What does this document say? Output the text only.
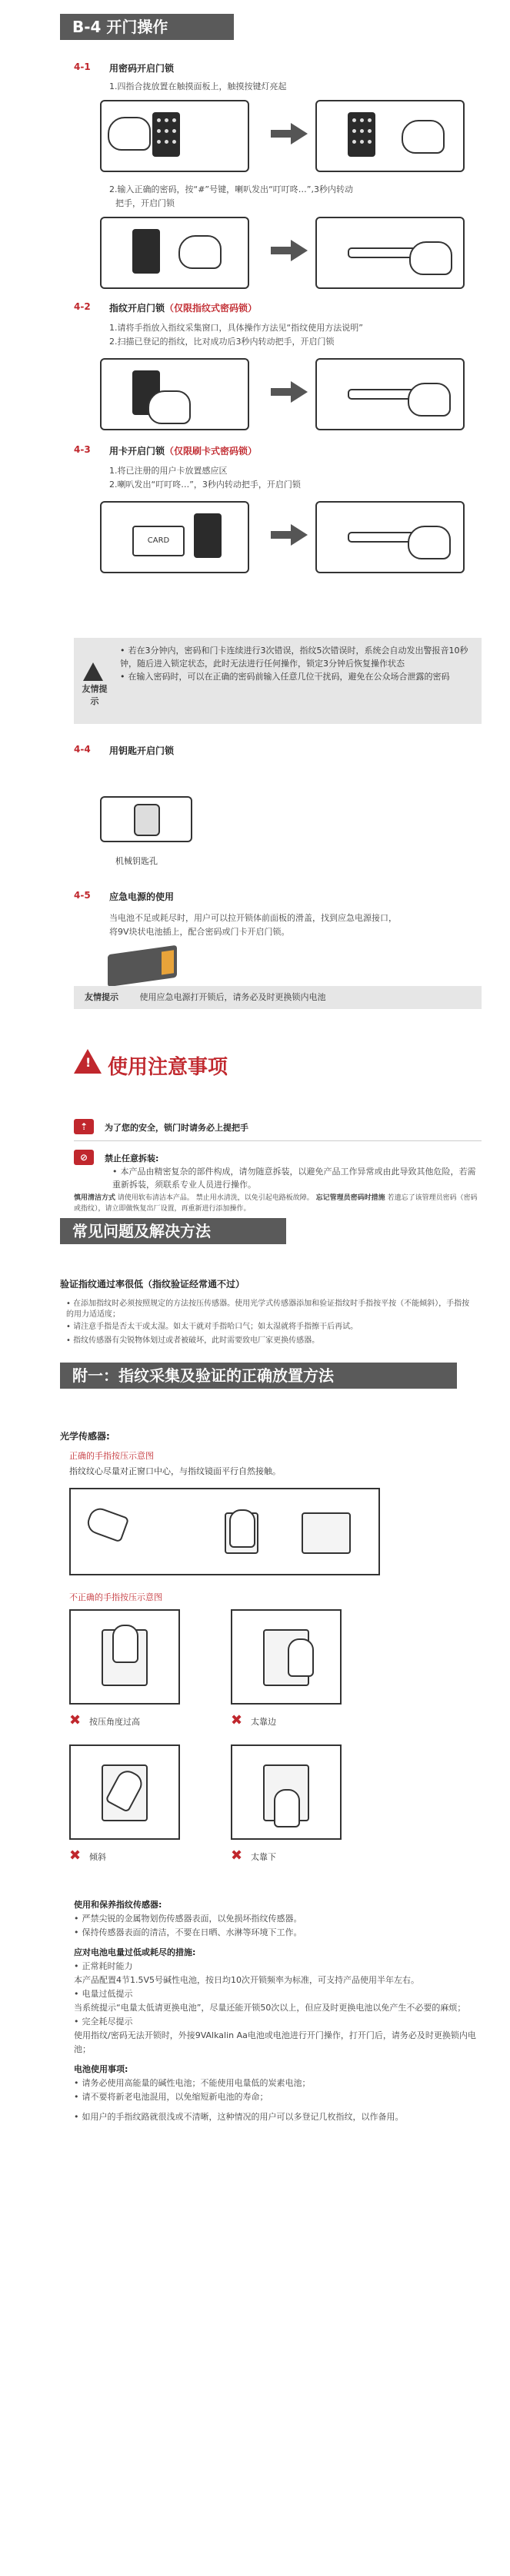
B-4 开门操作
4-1 用密码开启门锁
1.四指合拢放置在触摸面板上，触摸按键灯亮起
2.输入正确的密码，按“#”号键，喇叭发出“叮叮咚…”,3秒内转动
把手，开启门锁
4-2 指纹开启门锁（仅限指纹式密码锁）
1.请将手指放入指纹采集窗口，具体操作方法见“指纹使用方法说明”
2.扫描已登记的指纹，比对成功后3秒内转动把手，开启门锁
4-3 用卡开启门锁（仅限刷卡式密码锁）
1.将已注册的用户卡放置感应区
2.喇叭发出“叮叮咚…”，3秒内转动把手，开启门锁
CARD
友情提示
• 若在3分钟内，密码和门卡连续进行3次错误，指纹5次错误时，系统会自动发出警报音10秒钟，随后进入锁定状态，此时无法进行任何操作，锁定3分钟后恢复操作状态
• 在输入密码时，可以在正确的密码前输入任意几位干扰码，避免在公众场合泄露的密码
4-4 用钥匙开启门锁
机械钥匙孔
4-5 应急电源的使用
当电池不足或耗尽时，用户可以拉开锁体前面板的滑盖，找到应急电源接口，
将9V块状电池插上，配合密码或门卡开启门锁。
友情提示	使用应急电源打开锁后，请务必及时更换锁内电池
! 使用注意事项
⇡	为了您的安全，锁门时请务必上提把手
⊘	禁止任意拆装:
• 本产品由精密复杂的部件构成，请勿随意拆装，以避免产品工作异常或由此导致其他危险，若需重新拆装，须联系专业人员进行操作。
慎用清洁方式 请使用软布清洁本产品。 禁止用水清洗，以免引起电路板故障。 忘记管理员密码时措施 若遗忘了该管理员密码（密码或指纹），请立即做恢复出厂设置，再重新进行添加操作。
常见问题及解决方法
验证指纹通过率很低（指纹验证经常通不过）
• 在添加指纹时必须按照规定的方法按压传感器。使用光学式传感器添加和验证指纹时手指按平按（不能倾斜），手指按的用力适适度；
• 请注意手指是否太干或太湿。如太干就对手指哈口气；如太湿就将手指擦干后再试。
• 指纹传感器有尖锐物体划过或者被破坏，此时需要致电厂家更换传感器。
附一：指纹采集及验证的正确放置方法
光学传感器:
正确的手指按压示意图
指纹纹心尽量对正窗口中心，与指纹镜面平行自然接触。
不正确的手指按压示意图
✖ 按压角度过高	✖ 太靠边
✖ 倾斜	✖ 太靠下
使用和保养指纹传感器:
• 严禁尖锐的金属物划伤传感器表面，以免损坏指纹传感器。
• 保持传感器表面的清洁，不要在日晒、水淋等环境下工作。
应对电池电量过低或耗尽的措施:
• 正常耗时能力
本产品配置4节1.5V5号碱性电池，按日均10次开锁频率为标准，可支持产品使用半年左右。
• 电量过低提示
当系统提示“电量太低请更换电池”，尽量还能开锁50次以上，但应及时更换电池以免产生不必要的麻烦；
• 完全耗尽提示
使用指纹/密码无法开锁时，外接9VAlkalin Aa电池或电池进行开门操作，打开门后，请务必及时更换锁内电池；
电池使用事项:
• 请务必使用高能量的碱性电池；不能使用电量低的炭素电池；
• 请不要将新老电池混用，以免缩短新电池的寿命；
• 如用户的手指纹路就很浅或不清晰，这种情况的用户可以多登记几枚指纹，以作备用。
